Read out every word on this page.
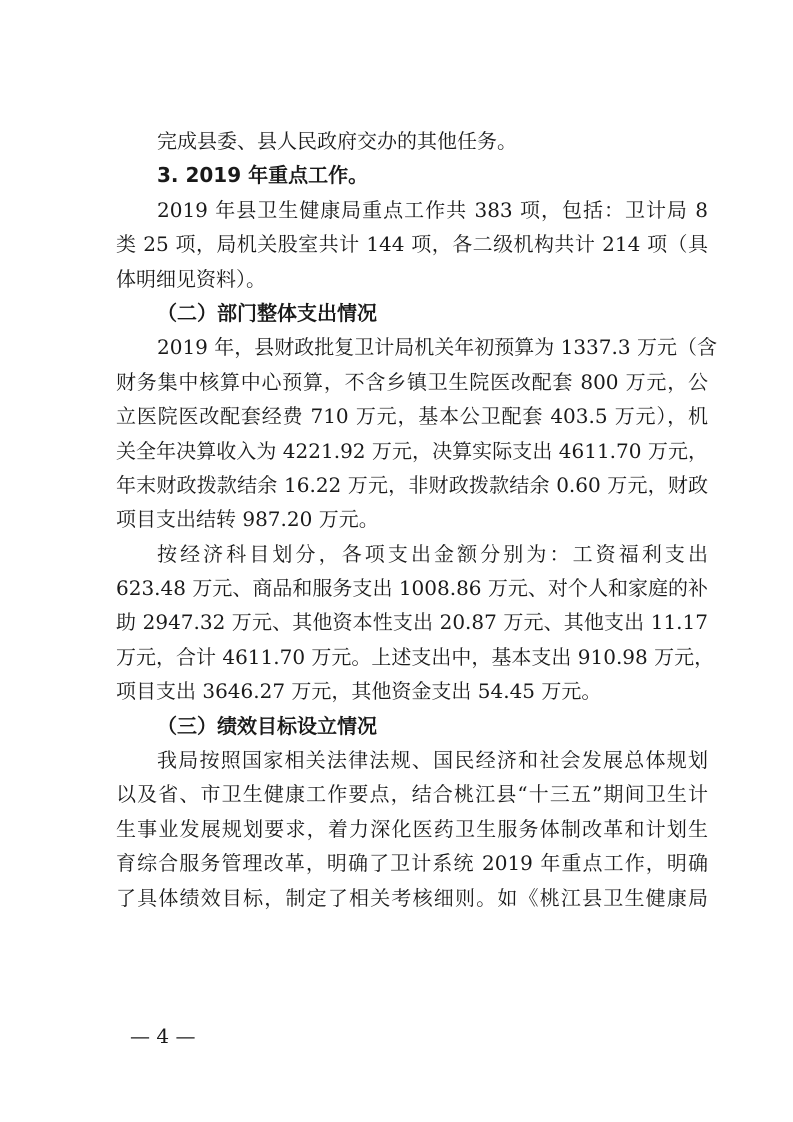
完成县委、县人民政府交办的其他任务。
3. 2019 年重点工作。
2019 年县卫生健康局重点工作共 383 项，包括：卫计局 8
类 25 项，局机关股室共计 144 项，各二级机构共计 214 项（具
体明细见资料）。
（二）部门整体支出情况
2019 年，县财政批复卫计局机关年初预算为 1337.3 万元（含
财务集中核算中心预算，不含乡镇卫生院医改配套 800 万元，公
立医院医改配套经费 710 万元，基本公卫配套 403.5 万元），机
关全年决算收入为 4221.92 万元，决算实际支出 4611.70 万元，
年末财政拨款结余 16.22 万元，非财政拨款结余 0.60 万元，财政
项目支出结转 987.20 万元。
按经济科目划分，各项支出金额分别为：工资福利支出
623.48 万元、商品和服务支出 1008.86 万元、对个人和家庭的补
助 2947.32 万元、其他资本性支出 20.87 万元、其他支出 11.17
万元，合计 4611.70 万元。上述支出中，基本支出 910.98 万元，
项目支出 3646.27 万元，其他资金支出 54.45 万元。
（三）绩效目标设立情况
我局按照国家相关法律法规、国民经济和社会发展总体规划
以及省、市卫生健康工作要点，结合桃江县“十三五”期间卫生计
生事业发展规划要求，着力深化医药卫生服务体制改革和计划生
育综合服务管理改革，明确了卫计系统 2019 年重点工作，明确
了具体绩效目标，制定了相关考核细则。如《桃江县卫生健康局
— 4 —
